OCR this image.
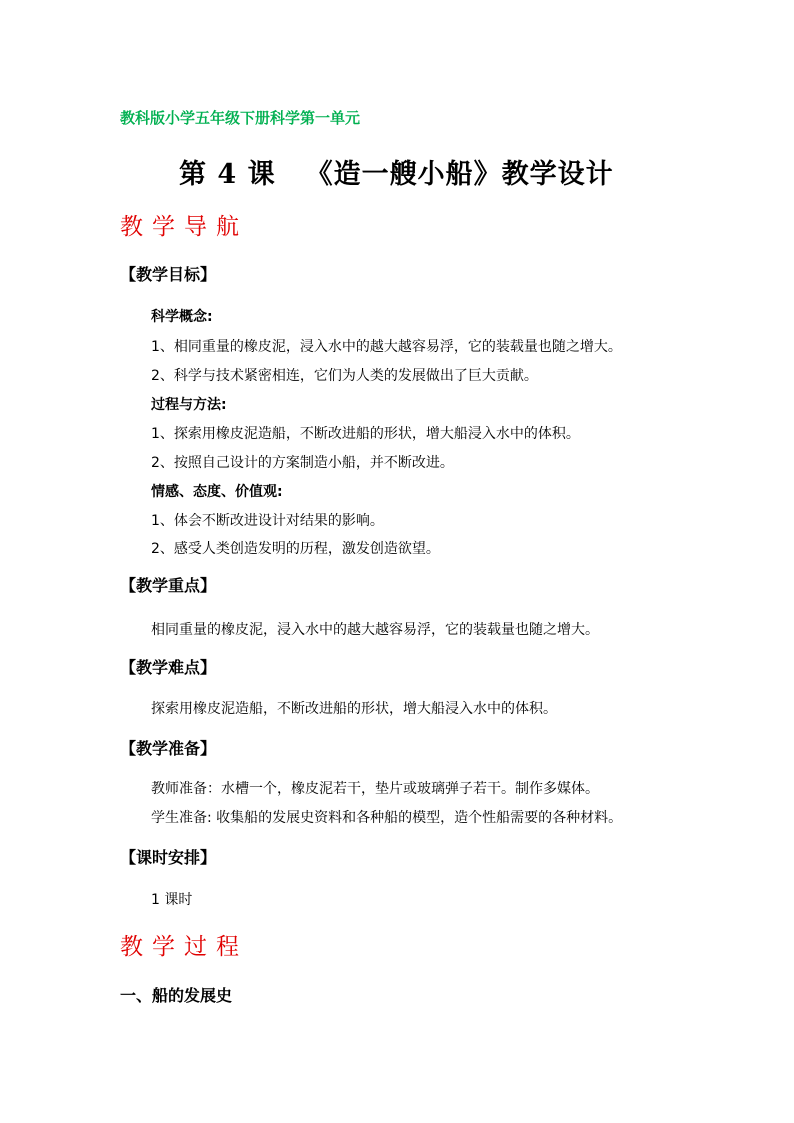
教科版小学五年级下册科学第一单元
第 4 课 《造一艘小船》教学设计
教学导航
【教学目标】
科学概念:
1、相同重量的橡皮泥，浸入水中的越大越容易浮，它的装载量也随之增大。
2、科学与技术紧密相连，它们为人类的发展做出了巨大贡献。
过程与方法:
1、探索用橡皮泥造船，不断改进船的形状，增大船浸入水中的体积。
2、按照自己设计的方案制造小船，并不断改进。
情感、态度、价值观:
1、体会不断改进设计对结果的影响。
2、感受人类创造发明的历程，激发创造欲望。
【教学重点】
相同重量的橡皮泥，浸入水中的越大越容易浮，它的装载量也随之增大。
【教学难点】
探索用橡皮泥造船，不断改进船的形状，增大船浸入水中的体积。
【教学准备】
教师准备：水槽一个，橡皮泥若干，垫片或玻璃弹子若干。制作多媒体。
学生准备: 收集船的发展史资料和各种船的模型，造个性船需要的各种材料。
【课时安排】
1 课时
教学过程
一、船的发展史
